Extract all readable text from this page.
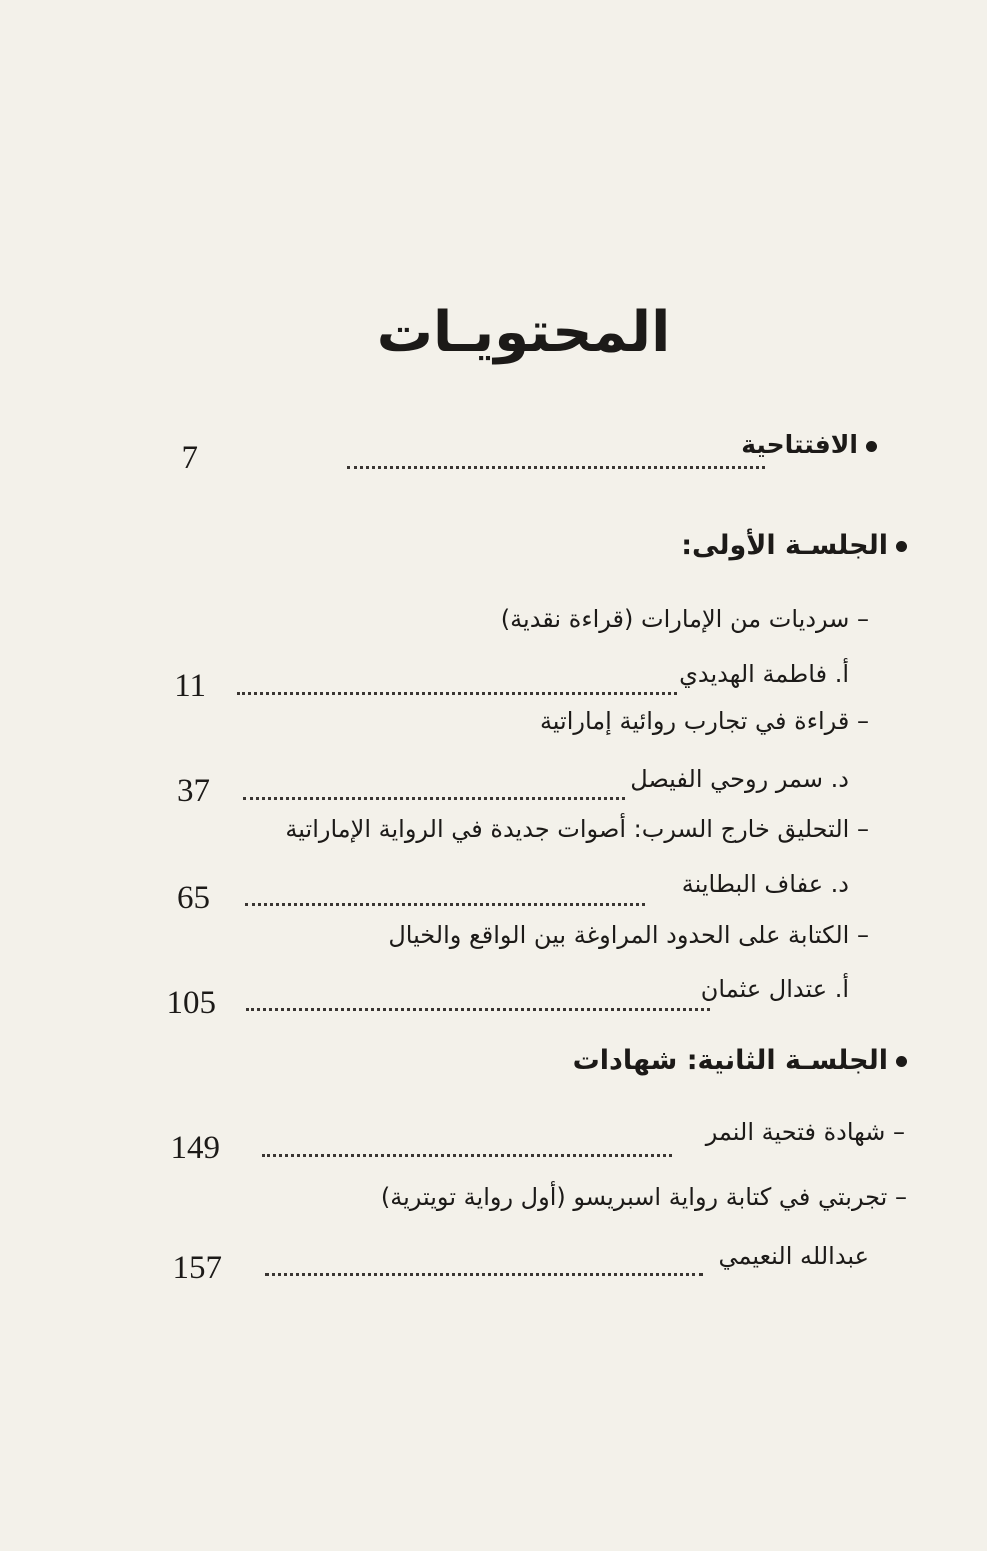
المحتويـات
الافتتاحية
7
الجلسـة الأولى:
– سرديات من الإمارات (قراءة نقدية)
أ. فاطمة الهديدي
11
– قراءة في تجارب روائية إماراتية
د. سمر روحي الفيصل
37
– التحليق خارج السرب: أصوات جديدة في الرواية الإماراتية
د. عفاف البطاينة
65
– الكتابة على الحدود المراوغة بين الواقع والخيال
أ. عتدال عثمان
105
الجلسـة الثانية: شهادات
– شهادة فتحية النمر
149
– تجربتي في كتابة رواية اسبريسو (أول رواية تويترية)
عبدالله النعيمي
157
